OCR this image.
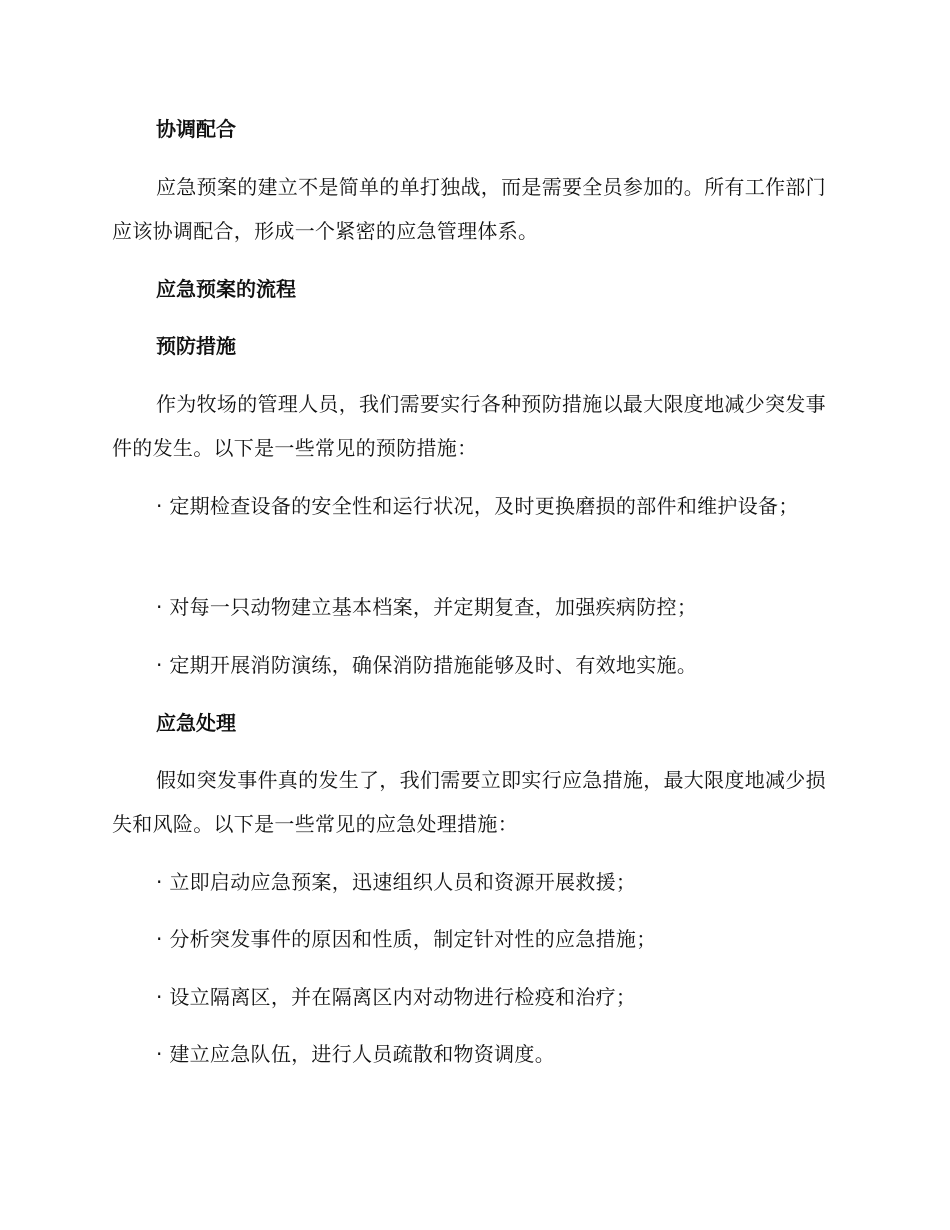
协调配合

应急预案的建立不是简单的单打独战，而是需要全员参加的。所有工作部门应该协调配合，形成一个紧密的应急管理体系。

应急预案的流程
预防措施

作为牧场的管理人员，我们需要实行各种预防措施以最大限度地减少突发事件的发生。以下是一些常见的预防措施：

· 定期检查设备的安全性和运行状况，及时更换磨损的部件和维护设备；

· 对每一只动物建立基本档案，并定期复查，加强疾病防控；

· 定期开展消防演练，确保消防措施能够及时、有效地实施。

应急处理

假如突发事件真的发生了，我们需要立即实行应急措施，最大限度地减少损失和风险。以下是一些常见的应急处理措施：

· 立即启动应急预案，迅速组织人员和资源开展救援；

· 分析突发事件的原因和性质，制定针对性的应急措施；

· 设立隔离区，并在隔离区内对动物进行检疫和治疗；

· 建立应急队伍，进行人员疏散和物资调度。
